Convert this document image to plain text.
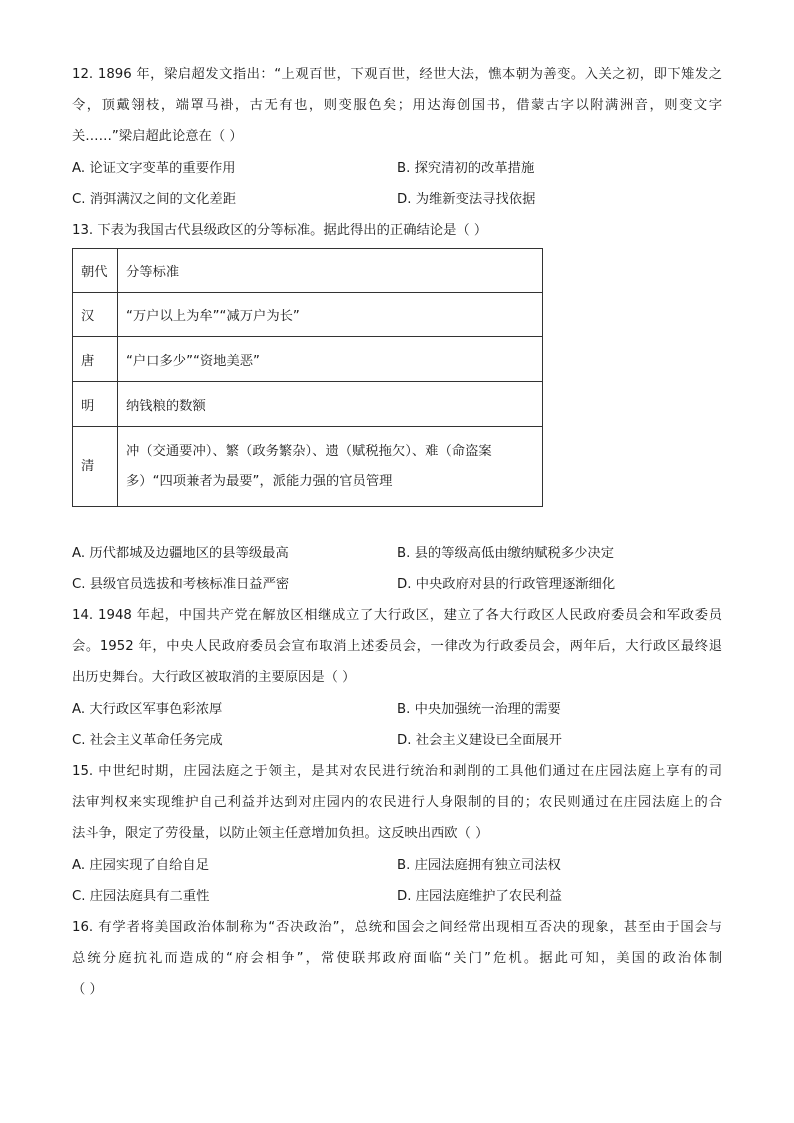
12. 1896 年，梁启超发文指出：“上观百世，下观百世，经世大法，憔本朝为善变。入关之初，即下雉发之
令，顶戴翎枝，端罩马褂，古无有也，则变服色矣；用达海创国书，借蒙古字以附满洲音，则变文字
关……”梁启超此论意在（ ）
A. 论证文字变革的重要作用	B. 探究清初的改革措施
C. 消弭满汉之间的文化差距	D. 为维新变法寻找依据
13. 下表为我国古代县级政区的分等标准。据此得出的正确结论是（ ）
朝代	分等标准
汉	“万户以上为牟”“减万户为长”
唐	“户口多少”“资地美恶”
明	纳钱粮的数额
清	冲（交通要冲）、繁（政务繁杂）、遗（赋税拖欠）、难（命盗案
多）“四项兼者为最要”，派能力强的官员管理
A. 历代都城及边疆地区的县等级最高	B. 县的等级高低由缴纳赋税多少决定
C. 县级官员选拔和考核标准日益严密	D. 中央政府对县的行政管理逐渐细化
14. 1948 年起，中国共产党在解放区相继成立了大行政区，建立了各大行政区人民政府委员会和军政委员
会。1952 年，中央人民政府委员会宣布取消上述委员会，一律改为行政委员会，两年后，大行政区最终退
出历史舞台。大行政区被取消的主要原因是（ ）
A. 大行政区军事色彩浓厚	B. 中央加强统一治理的需要
C. 社会主义革命任务完成	D. 社会主义建设已全面展开
15. 中世纪时期，庄园法庭之于领主，是其对农民进行统治和剥削的工具他们通过在庄园法庭上享有的司
法审判权来实现维护自己利益并达到对庄园内的农民进行人身限制的目的；农民则通过在庄园法庭上的合
法斗争，限定了劳役量，以防止领主任意增加负担。这反映出西欧（ ）
A. 庄园实现了自给自足	B. 庄园法庭拥有独立司法权
C. 庄园法庭具有二重性	D. 庄园法庭维护了农民利益
16. 有学者将美国政治体制称为“否决政治”，总统和国会之间经常出现相互否决的现象，甚至由于国会与
总统分庭抗礼而造成的“府会相争”，常使联邦政府面临“关门”危机。据此可知，美国的政治体制
（ ）
